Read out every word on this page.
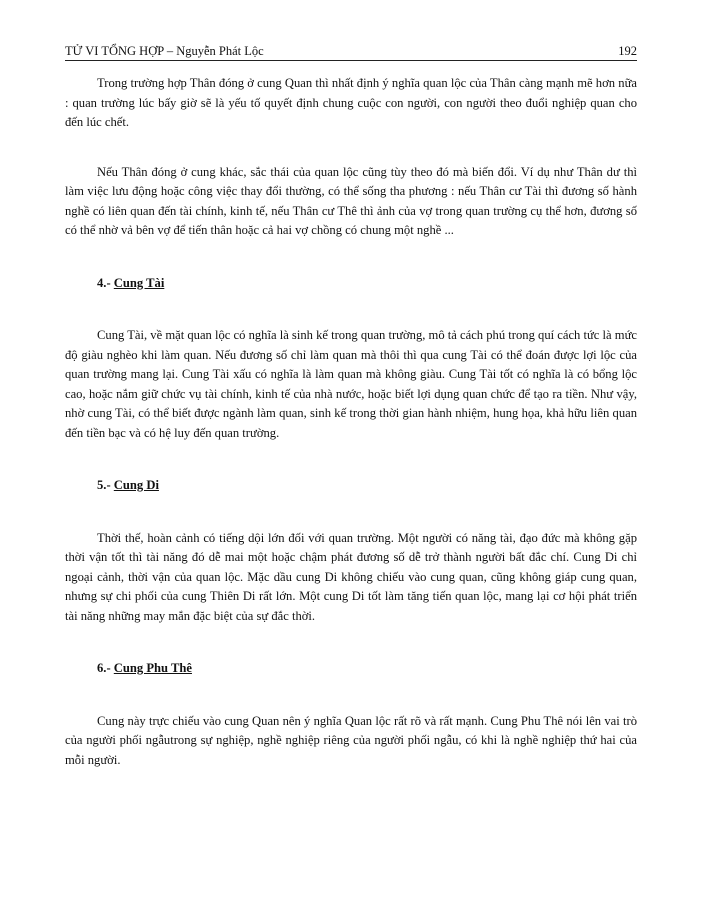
TỬ VI TỔNG HỢP – Nguyễn Phát Lộc	192

Trong trường hợp Thân đóng ở cung Quan thì nhất định ý nghĩa quan lộc của Thân càng mạnh mẽ hơn nữa : quan trường lúc bấy giờ sẽ là yếu tố quyết định chung cuộc con người, con người theo đuổi nghiệp quan cho đến lúc chết.

Nếu Thân đóng ở cung khác, sắc thái của quan lộc cũng tùy theo đó mà biến đổi. Ví dụ như Thân dư thì làm việc lưu động hoặc công việc thay đổi thường, có thể sống tha phương : nếu Thân cư Tài thì đương số hành nghề có liên quan đến tài chính, kinh tế, nếu Thân cư Thê thì ảnh của vợ trong quan trường cụ thể hơn, đương số có thể nhờ vả bên vợ để tiến thân hoặc cả hai vợ chồng có chung một nghề ...

4.- Cung Tài

Cung Tài, về mặt quan lộc có nghĩa là sinh kế trong quan trường, mô tả cách phú trong quí cách tức là mức độ giàu nghèo khi làm quan. Nếu đương số chỉ làm quan mà thôi thì qua cung Tài có thể đoán được lợi lộc của quan trường mang lại. Cung Tài xấu có nghĩa là làm quan mà không giàu. Cung Tài tốt có nghĩa là có bổng lộc cao, hoặc nắm giữ chức vụ tài chính, kinh tế của nhà nước, hoặc biết lợi dụng quan chức để tạo ra tiền. Như vậy, nhờ cung Tài, có thể biết được ngành làm quan, sinh kế trong thời gian hành nhiệm, hung họa, khả hữu liên quan đến tiền bạc và có hệ luy đến quan trường.

5.- Cung Di

Thời thế, hoàn cảnh có tiếng dội lớn đối với quan trường. Một người có năng tài, đạo đức mà không gặp thời vận tốt thì tài năng đó dễ mai một hoặc chậm phát đương số dễ trở thành người bất đắc chí. Cung Di chỉ ngoại cảnh, thời vận của quan lộc. Mặc dầu cung Di không chiếu vào cung quan, cũng không giáp cung quan, nhưng sự chi phối của cung Thiên Di rất lớn. Một cung Di tốt làm tăng tiến quan lộc, mang lại cơ hội phát triển tài năng những may mắn đặc biệt của sự đắc thời.

6.- Cung Phu Thê

Cung này trực chiếu vào cung Quan nên ý nghĩa Quan lộc rất rõ và rất mạnh. Cung Phu Thê nói lên vai trò của người phối ngẫutrong sự nghiệp, nghề nghiệp riêng của người phối ngẫu, có khi là nghề nghiệp thứ hai của mỗi người.
